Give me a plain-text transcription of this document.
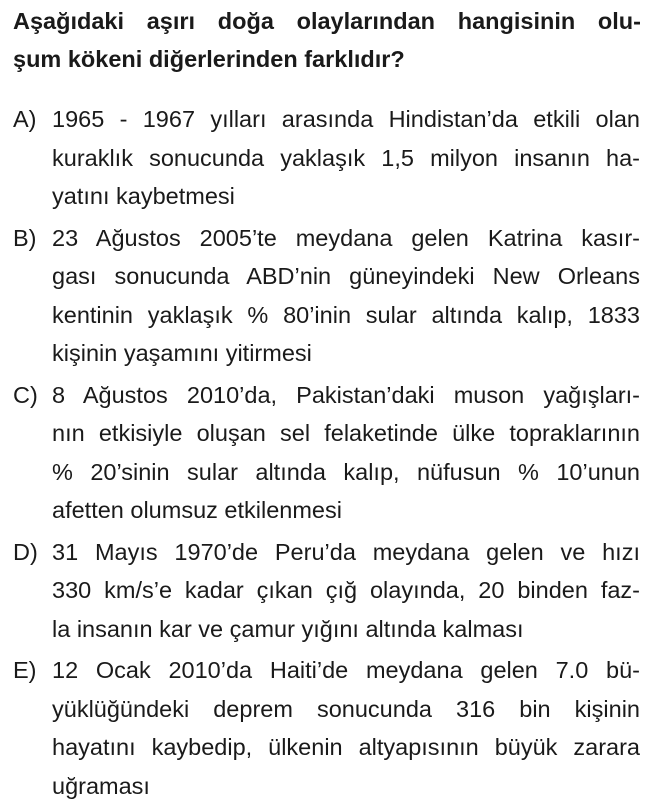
Aşağıdaki aşırı doğa olaylarından hangisinin olu-
şum kökeni diğerlerinden farklıdır?
A) 1965 - 1967 yılları arasında Hindistan’da etkili olan
kuraklık sonucunda yaklaşık 1,5 milyon insanın ha-
yatını kaybetmesi
B) 23 Ağustos 2005’te meydana gelen Katrina kasır-
gası sonucunda ABD’nin güneyindeki New Orleans
kentinin yaklaşık % 80’inin sular altında kalıp, 1833
kişinin yaşamını yitirmesi
C) 8 Ağustos 2010’da, Pakistan’daki muson yağışları-
nın etkisiyle oluşan sel felaketinde ülke topraklarının
% 20’sinin sular altında kalıp, nüfusun % 10’unun
afetten olumsuz etkilenmesi
D) 31 Mayıs 1970’de Peru’da meydana gelen ve hızı
330 km/s’e kadar çıkan çığ olayında, 20 binden faz-
la insanın kar ve çamur yığını altında kalması
E) 12 Ocak 2010’da Haiti’de meydana gelen 7.0 bü-
yüklüğündeki deprem sonucunda 316 bin kişinin
hayatını kaybedip, ülkenin altyapısının büyük zarara
uğraması
